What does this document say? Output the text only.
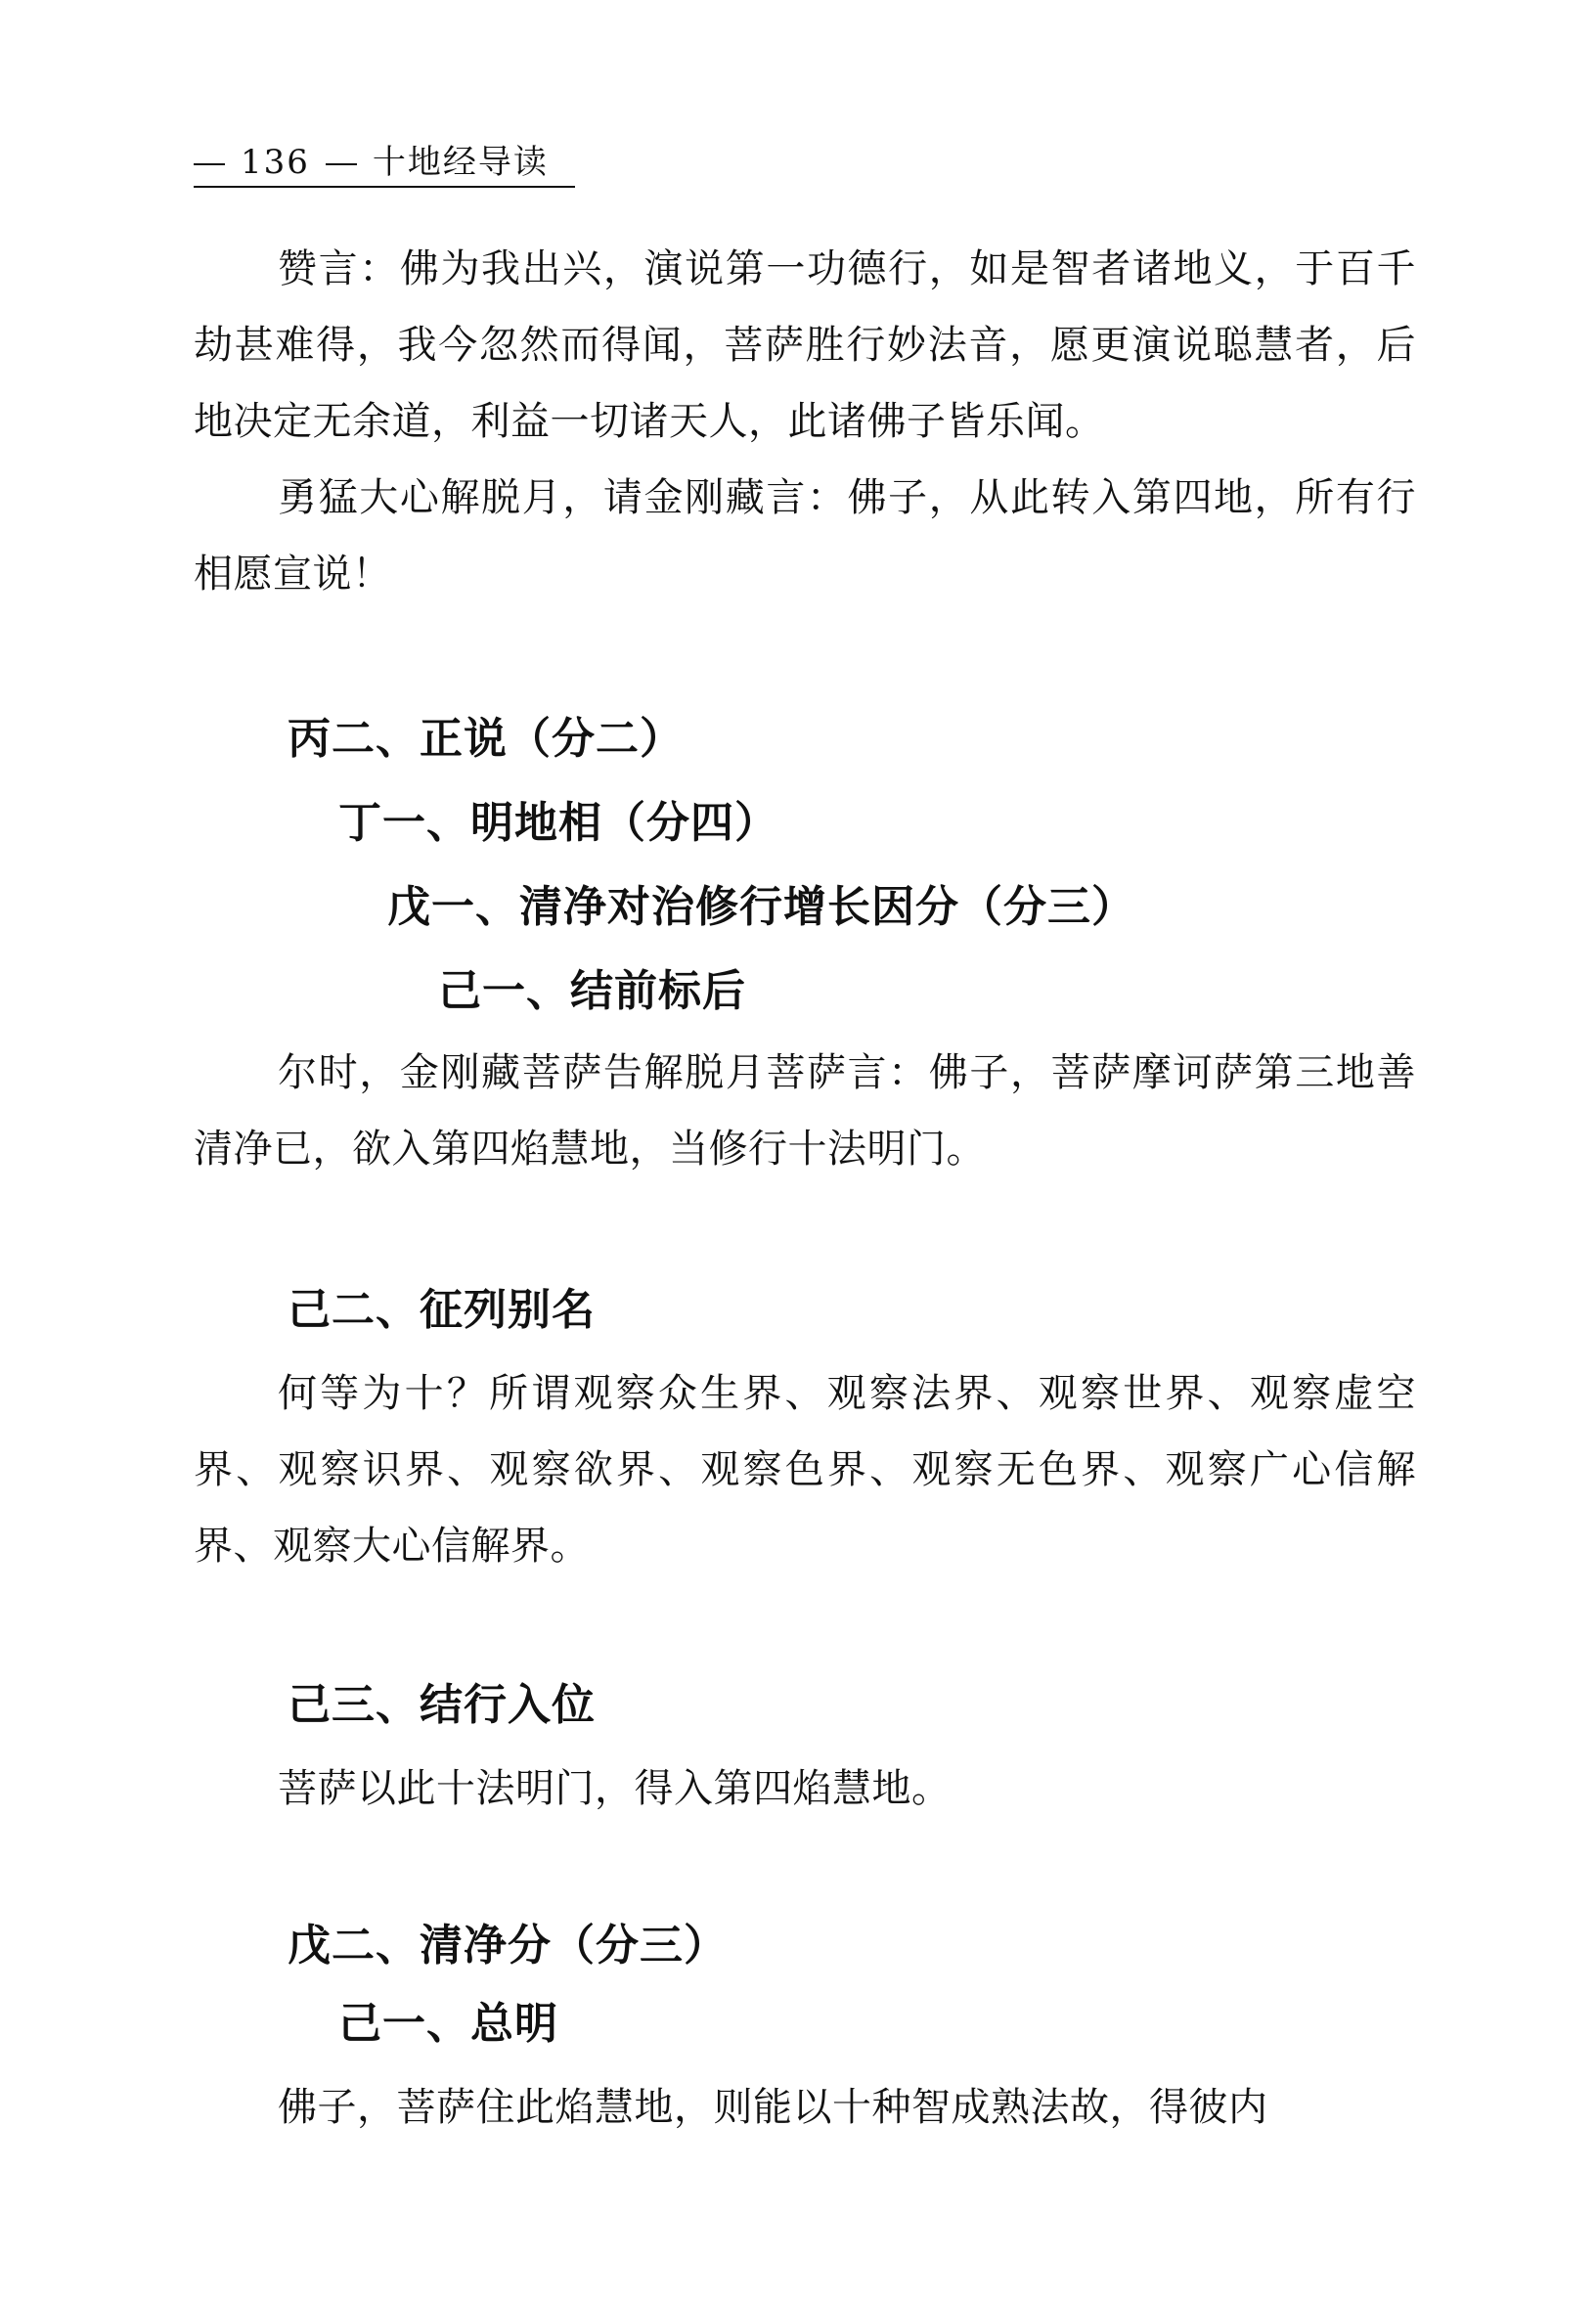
136 十地经导读

赞言：佛为我出兴，演说第一功德行，如是智者诸地义，于百千劫甚难得，我今忽然而得闻，菩萨胜行妙法音，愿更演说聪慧者，后地决定无余道，利益一切诸天人，此诸佛子皆乐闻。

勇猛大心解脱月，请金刚藏言：佛子，从此转入第四地，所有行相愿宣说！

丙二、正说（分二）
丁一、明地相（分四）
戊一、清净对治修行增长因分（分三）
己一、结前标后

尔时，金刚藏菩萨告解脱月菩萨言：佛子，菩萨摩诃萨第三地善清净已，欲入第四焰慧地，当修行十法明门。

己二、征列别名

何等为十？所谓观察众生界、观察法界、观察世界、观察虚空界、观察识界、观察欲界、观察色界、观察无色界、观察广心信解界、观察大心信解界。

己三、结行入位

菩萨以此十法明门，得入第四焰慧地。

戊二、清净分（分三）
己一、总明

佛子，菩萨住此焰慧地，则能以十种智成熟法故，得彼内
